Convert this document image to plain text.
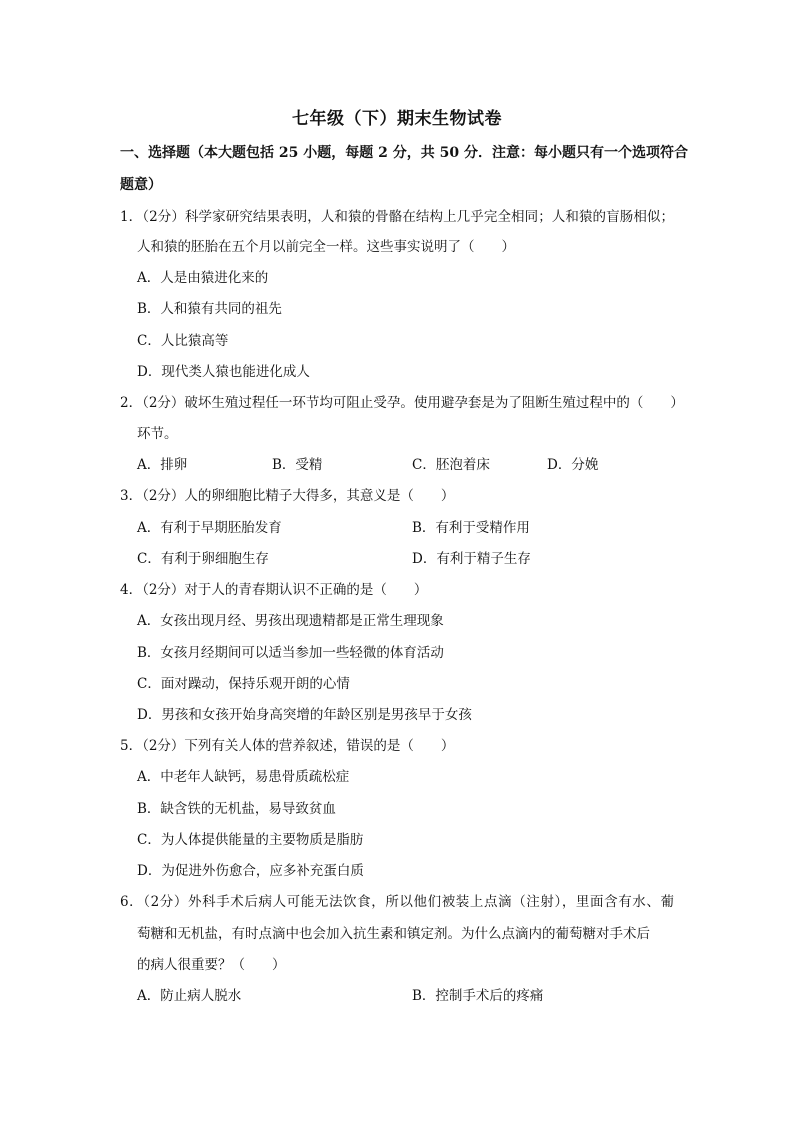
七年级（下）期末生物试卷
一、选择题（本大题包括 25 小题，每题 2 分，共 50 分．注意：每小题只有一个选项符合
题意）
1．（2分）科学家研究结果表明，人和猿的骨骼在结构上几乎完全相同；人和猿的盲肠相似；
人和猿的胚胎在五个月以前完全一样。这些事实说明了（　　）
A．人是由猿进化来的
B．人和猿有共同的祖先
C．人比猿高等
D．现代类人猿也能进化成人
2．（2分）破坏生殖过程任一环节均可阻止受孕。使用避孕套是为了阻断生殖过程中的（　　）
环节。
A．排卵	B．受精	C．胚泡着床	D．分娩
3．（2分）人的卵细胞比精子大得多，其意义是（　　）
A．有利于早期胚胎发育	B．有利于受精作用
C．有利于卵细胞生存	D．有利于精子生存
4．（2分）对于人的青春期认识不正确的是（　　）
A．女孩出现月经、男孩出现遗精都是正常生理现象
B．女孩月经期间可以适当参加一些轻微的体育活动
C．面对躁动，保持乐观开朗的心情
D．男孩和女孩开始身高突增的年龄区别是男孩早于女孩
5．（2分）下列有关人体的营养叙述，错误的是（　　）
A．中老年人缺钙，易患骨质疏松症
B．缺含铁的无机盐，易导致贫血
C．为人体提供能量的主要物质是脂肪
D．为促进外伤愈合，应多补充蛋白质
6．（2分）外科手术后病人可能无法饮食，所以他们被装上点滴（注射），里面含有水、葡
萄糖和无机盐，有时点滴中也会加入抗生素和镇定剂。为什么点滴内的葡萄糖对手术后
的病人很重要？（　　）
A．防止病人脱水	B．控制手术后的疼痛
